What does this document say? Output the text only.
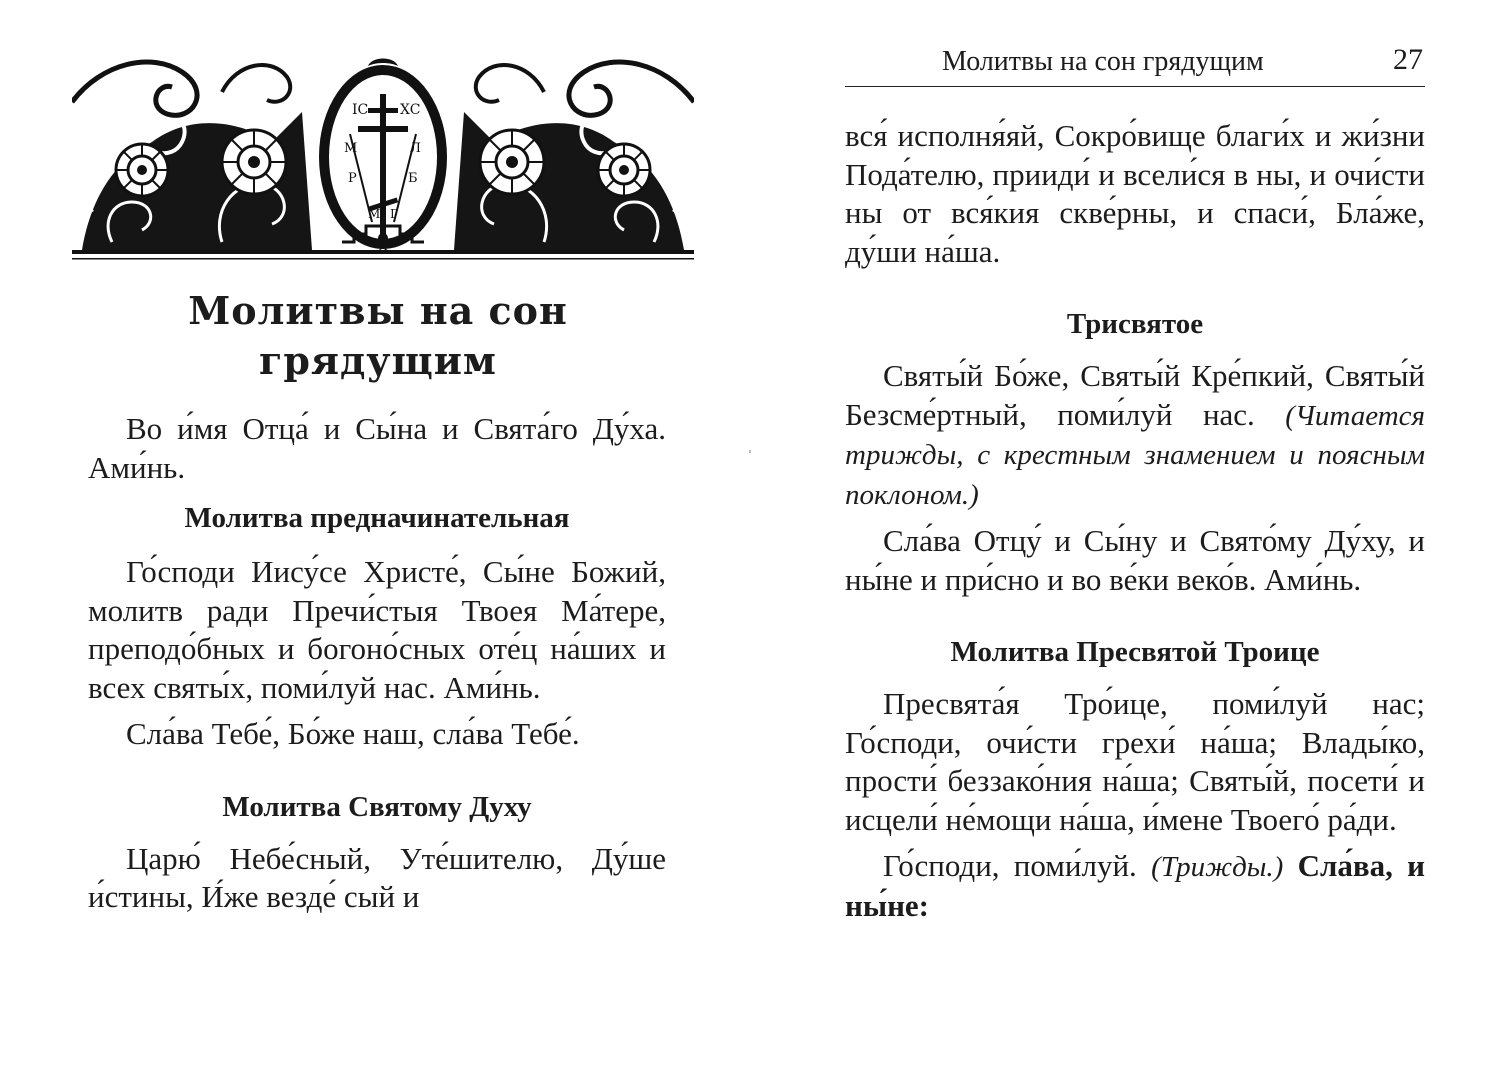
IC XC
М	Л
Р	Б
М Г
А
Молитвы на сон
грядущим

Во и́мя Отца́ и Сы́на и Свята́го Ду́ха. Ами́нь.

Молитва предначинательная

Го́споди Иису́се Христе́, Сы́не Божий, молитв ради Пречи́стыя Твоея Ма́тере, преподо́бных и богоно́сных оте́ц на́ших и всех святы́х, поми́луй нас. Ами́нь.

Сла́ва Тебе́, Бо́же наш, сла́ва Тебе́.

Молитва Святому Духу

Царю́ Небе́сный, Уте́шителю, Ду́ше и́стины, И́же везде́ сый и

Молитвы на сон грядущим	27

вся́ исполня́яй, Сокро́вище благи́х и жи́зни Пода́телю, прииди́ и всели́ся в ны, и очи́сти ны от вся́кия скве́рны, и спаси́, Бла́же, ду́ши на́ша.

Трисвятое

Святы́й Бо́же, Святы́й Кре́пкий, Святы́й Безсме́ртный, поми́луй нас. (Читается трижды, с крестным знамением и поясным поклоном.)

Сла́ва Отцу́ и Сы́ну и Свято́му Ду́ху, и ны́не и при́сно и во ве́ки веко́в. Ами́нь.

Молитва Пресвятой Троице

Пресвята́я Тро́ице, поми́луй нас; Го́споди, очи́сти грехи́ на́ша; Влады́ко, прости́ беззако́ния на́ша; Святы́й, посети́ и исцели́ не́мощи на́ша, и́мене Твоего́ ра́ди.

Го́споди, поми́луй. (Трижды.) Сла́ва, и ны́не:
